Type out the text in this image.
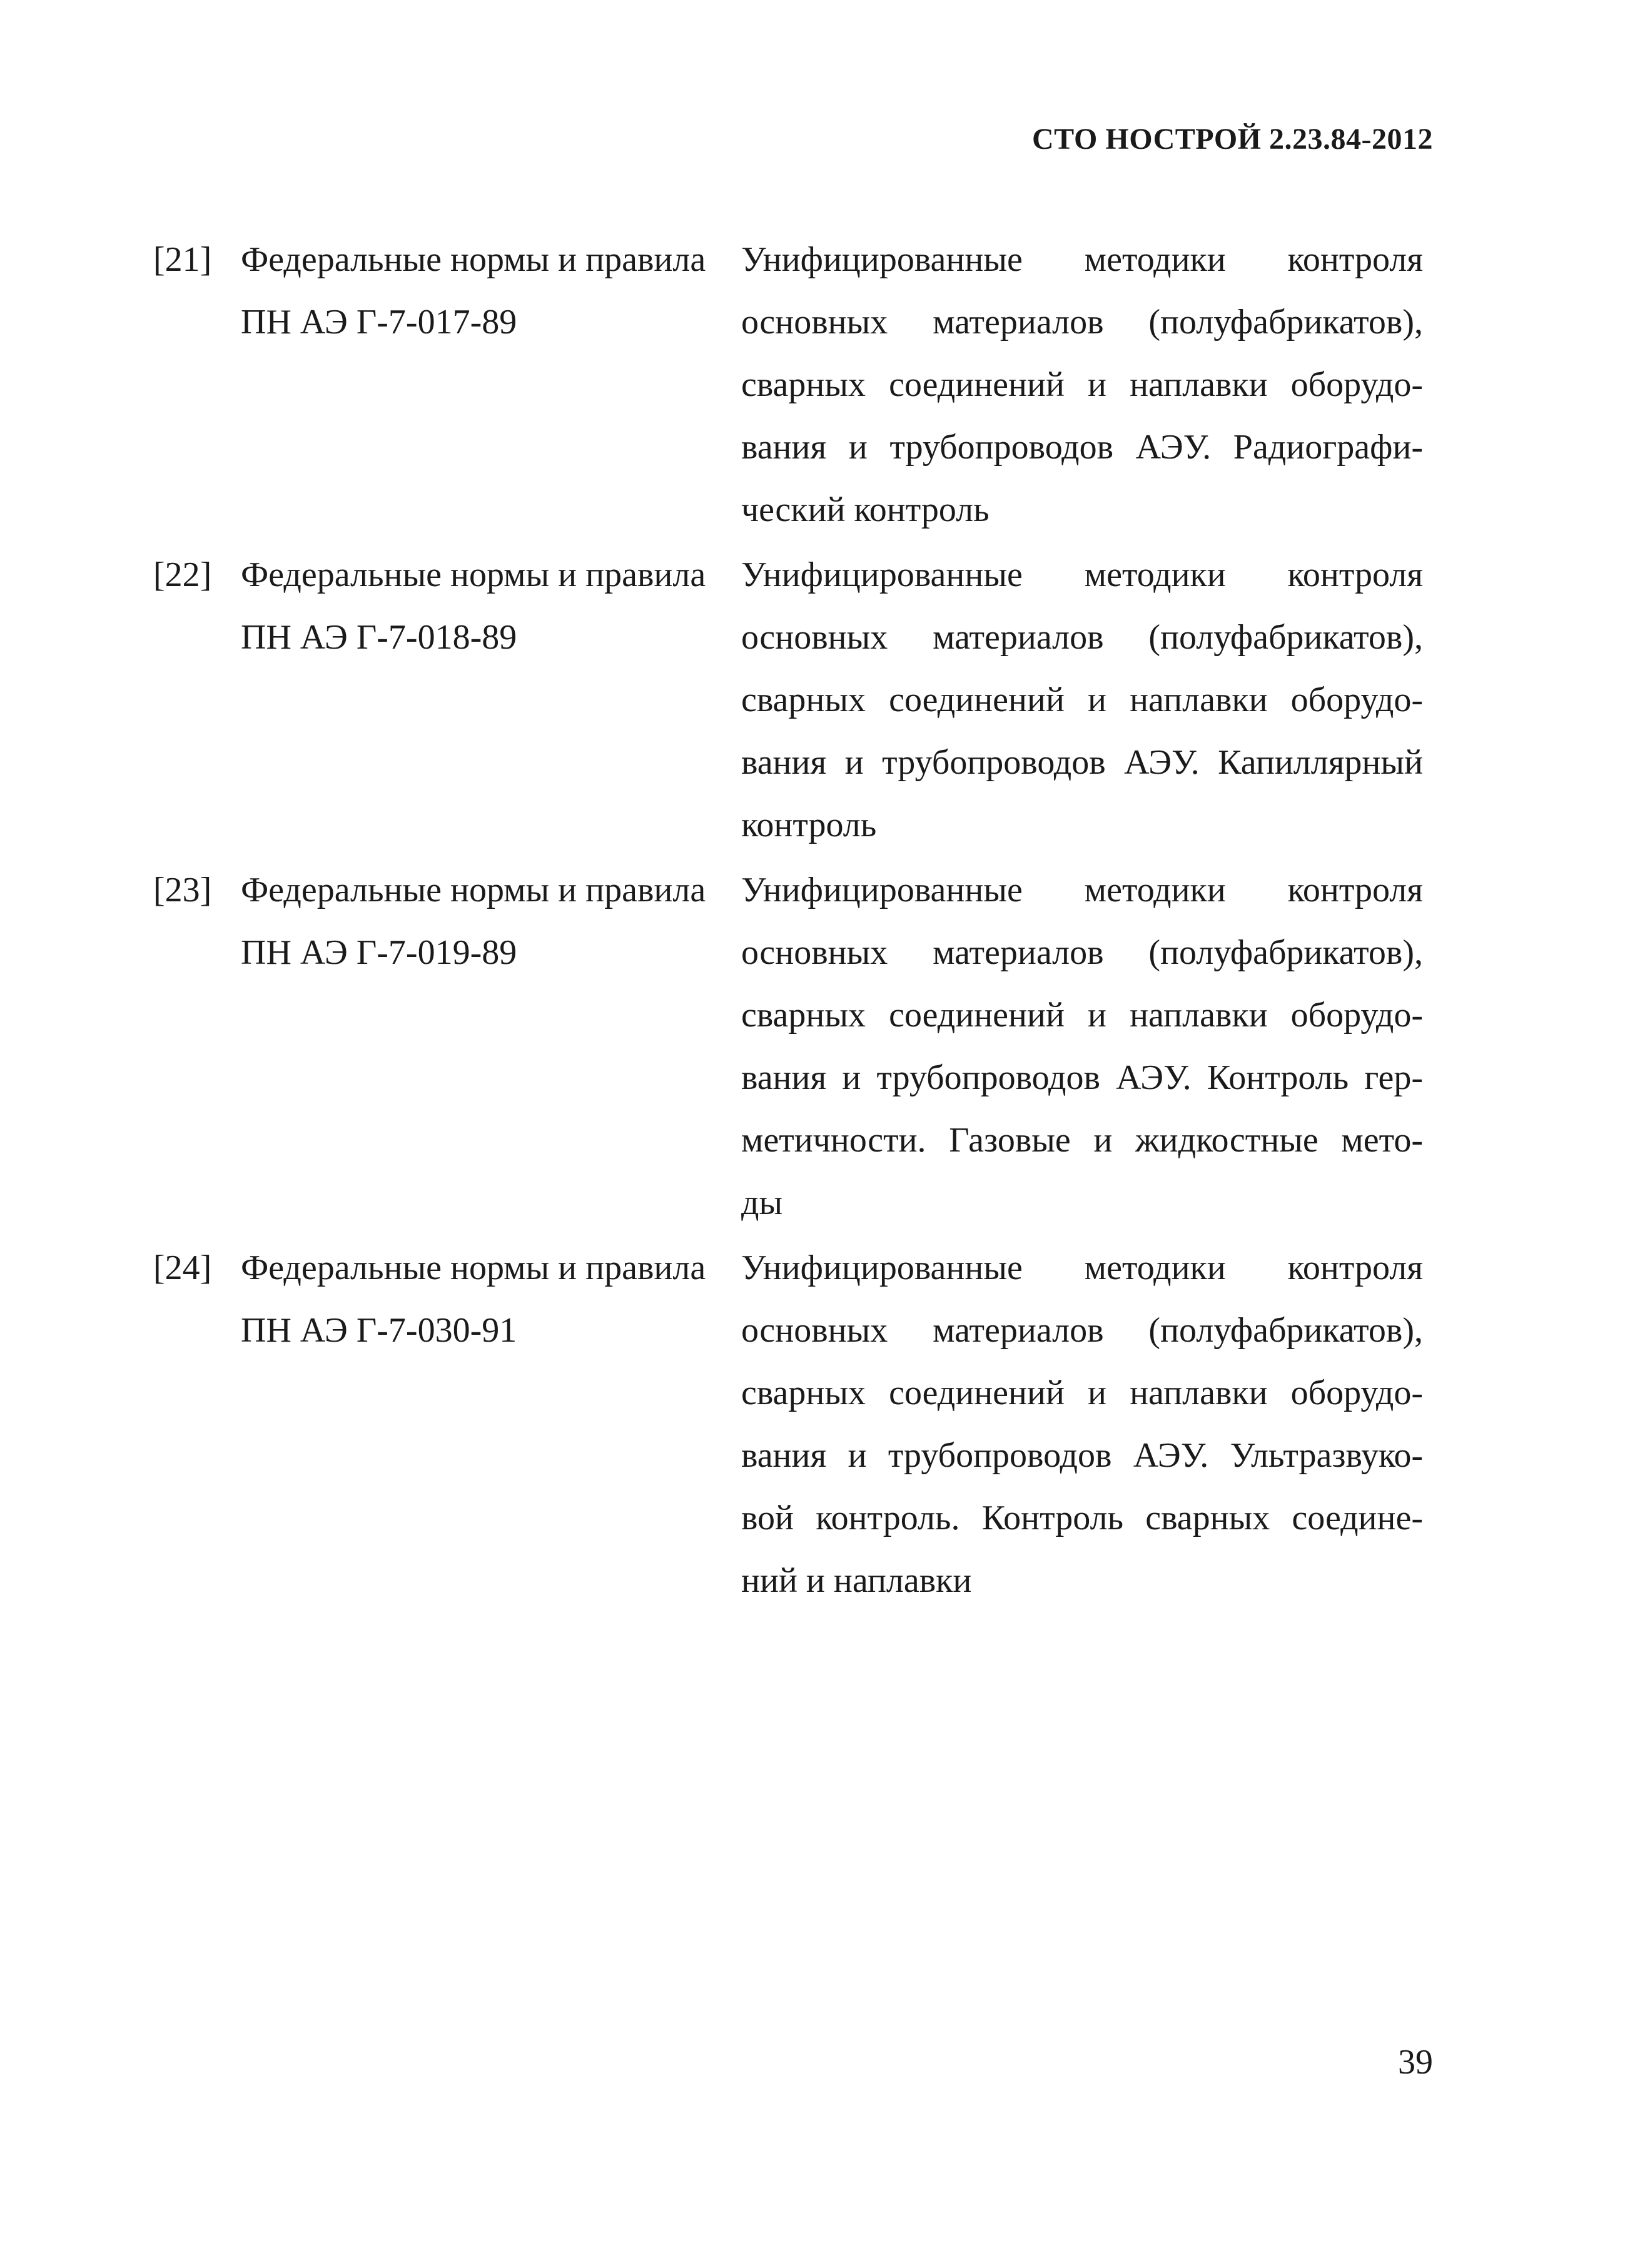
СТО НОСТРОЙ 2.23.84-2012
[21] Федеральные нормы и правила
ПН АЭ Г-7-017-89
Унифицированные методики контроля
основных материалов (полуфабрикатов),
сварных соединений и наплавки оборудо-
вания и трубопроводов АЭУ. Радиографи-
ческий контроль
[22] Федеральные нормы и правила
ПН АЭ Г-7-018-89
Унифицированные методики контроля
основных материалов (полуфабрикатов),
сварных соединений и наплавки оборудо-
вания и трубопроводов АЭУ. Капиллярный
контроль
[23] Федеральные нормы и правила
ПН АЭ Г-7-019-89
Унифицированные методики контроля
основных материалов (полуфабрикатов),
сварных соединений и наплавки оборудо-
вания и трубопроводов АЭУ. Контроль гер-
метичности. Газовые и жидкостные мето-
ды
[24] Федеральные нормы и правила
ПН АЭ Г-7-030-91
Унифицированные методики контроля
основных материалов (полуфабрикатов),
сварных соединений и наплавки оборудо-
вания и трубопроводов АЭУ. Ультразвуко-
вой контроль. Контроль сварных соедине-
ний и наплавки
39
